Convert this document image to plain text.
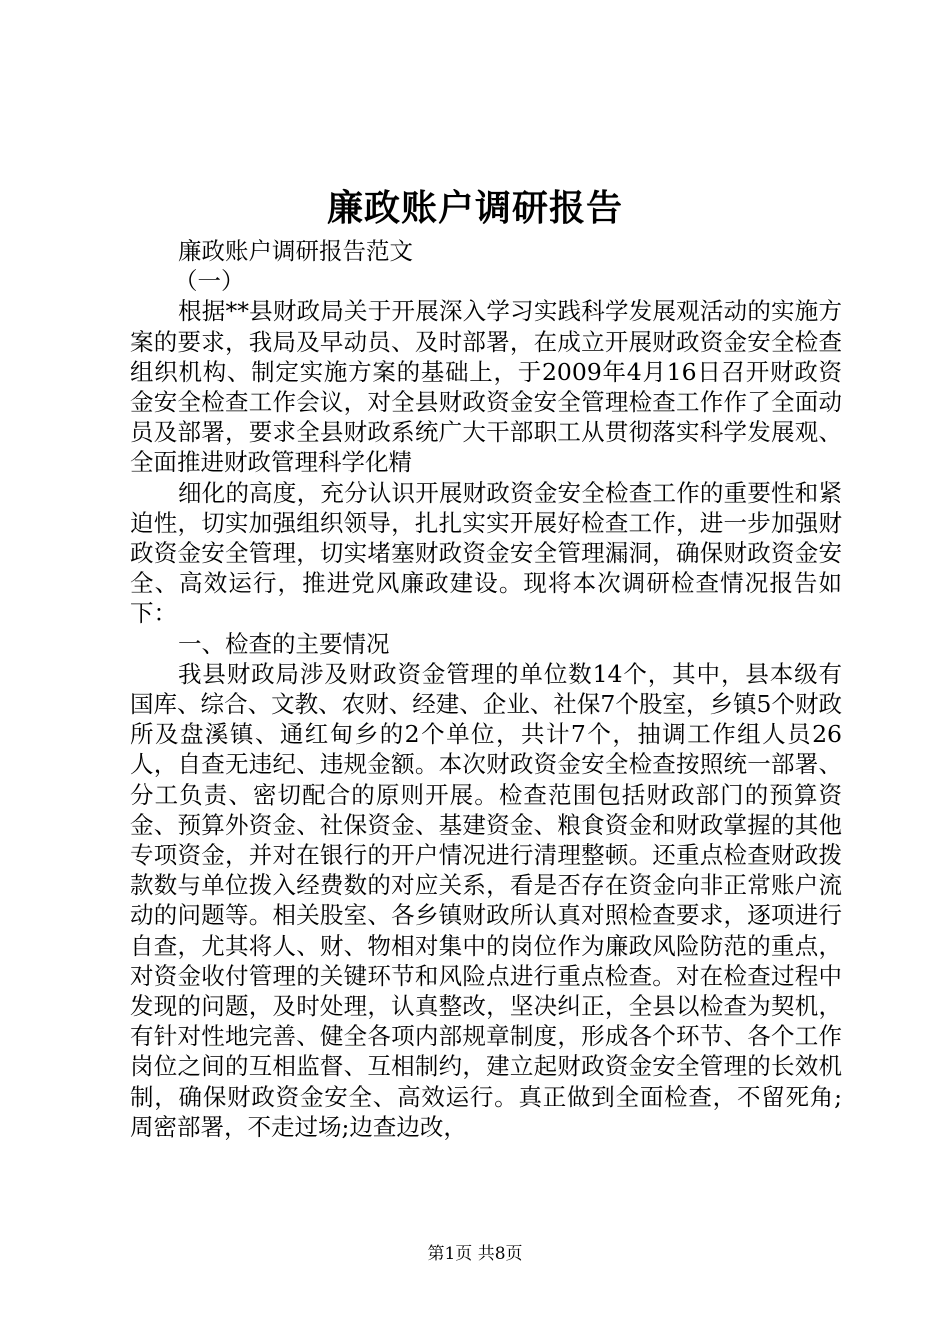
廉政账户调研报告

廉政账户调研报告范文

（一）

根据**县财政局关于开展深入学习实践科学发展观活动的实施方案的要求，我局及早动员、及时部署，在成立开展财政资金安全检查组织机构、制定实施方案的基础上，于2009年4月16日召开财政资金安全检查工作会议，对全县财政资金安全管理检查工作作了全面动员及部署，要求全县财政系统广大干部职工从贯彻落实科学发展观、全面推进财政管理科学化精

细化的高度，充分认识开展财政资金安全检查工作的重要性和紧迫性，切实加强组织领导，扎扎实实开展好检查工作，进一步加强财政资金安全管理，切实堵塞财政资金安全管理漏洞，确保财政资金安全、高效运行，推进党风廉政建设。现将本次调研检查情况报告如下：

一、检查的主要情况

我县财政局涉及财政资金管理的单位数14个，其中，县本级有国库、综合、文教、农财、经建、企业、社保7个股室，乡镇5个财政所及盘溪镇、通红甸乡的2个单位，共计7个，抽调工作组人员26人，自查无违纪、违规金额。本次财政资金安全检查按照统一部署、分工负责、密切配合的原则开展。检查范围包括财政部门的预算资金、预算外资金、社保资金、基建资金、粮食资金和财政掌握的其他专项资金，并对在银行的开户情况进行清理整顿。还重点检查财政拨款数与单位拨入经费数的对应关系，看是否存在资金向非正常账户流动的问题等。相关股室、各乡镇财政所认真对照检查要求，逐项进行自查，尤其将人、财、物相对集中的岗位作为廉政风险防范的重点，对资金收付管理的关键环节和风险点进行重点检查。对在检查过程中发现的问题，及时处理，认真整改，坚决纠正，全县以检查为契机，有针对性地完善、健全各项内部规章制度，形成各个环节、各个工作岗位之间的互相监督、互相制约，建立起财政资金安全管理的长效机制，确保财政资金安全、高效运行。真正做到全面检查，不留死角;周密部署，不走过场;边查边改，

第1页 共8页
